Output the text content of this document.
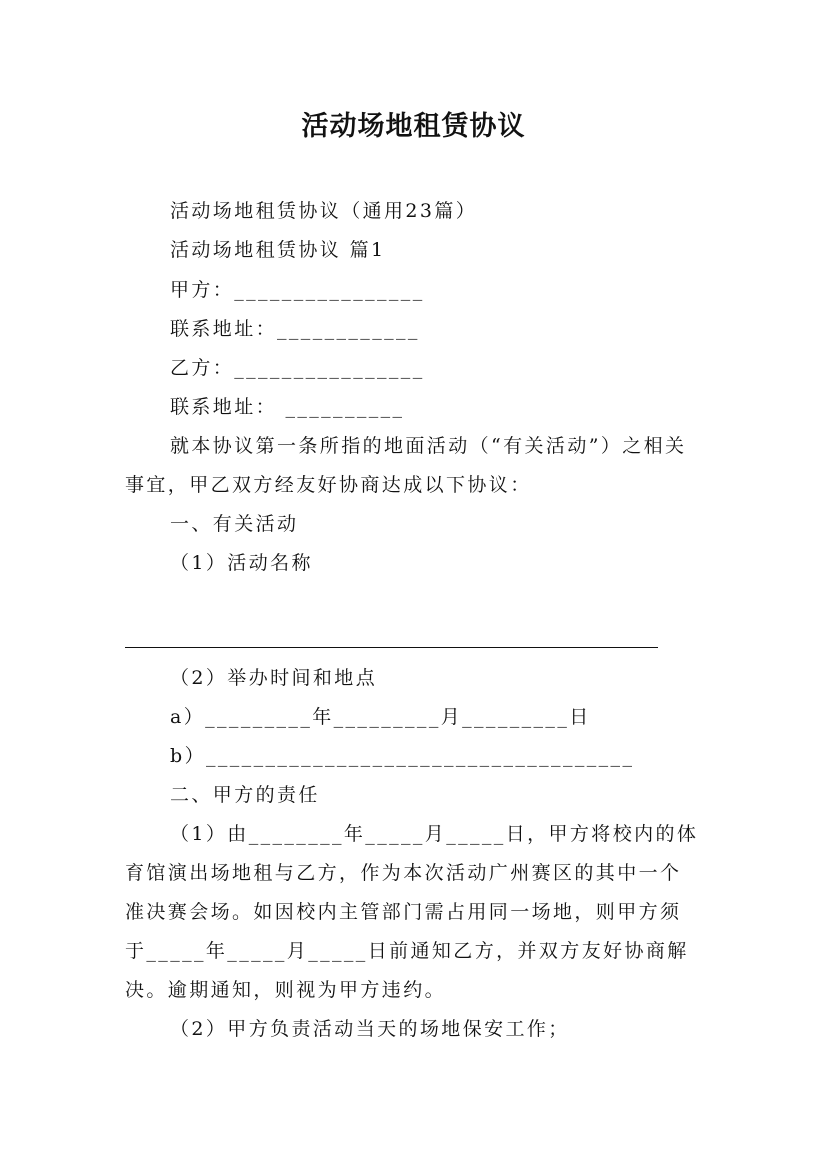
活动场地租赁协议
活动场地租赁协议（通用23篇）
活动场地租赁协议 篇1
甲方：________________
联系地址：____________
乙方：________________
联系地址： __________
就本协议第一条所指的地面活动（“有关活动”）之相关
事宜，甲乙双方经友好协商达成以下协议：
一、有关活动
（1）活动名称
（2）举办时间和地点
a）_________年_________月_________日
b）____________________________________
二、甲方的责任
（1）由________年_____月_____日，甲方将校内的体
育馆演出场地租与乙方，作为本次活动广州赛区的其中一个
准决赛会场。如因校内主管部门需占用同一场地，则甲方须
于_____年_____月_____日前通知乙方，并双方友好协商解
决。逾期通知，则视为甲方违约。
（2）甲方负责活动当天的场地保安工作；
